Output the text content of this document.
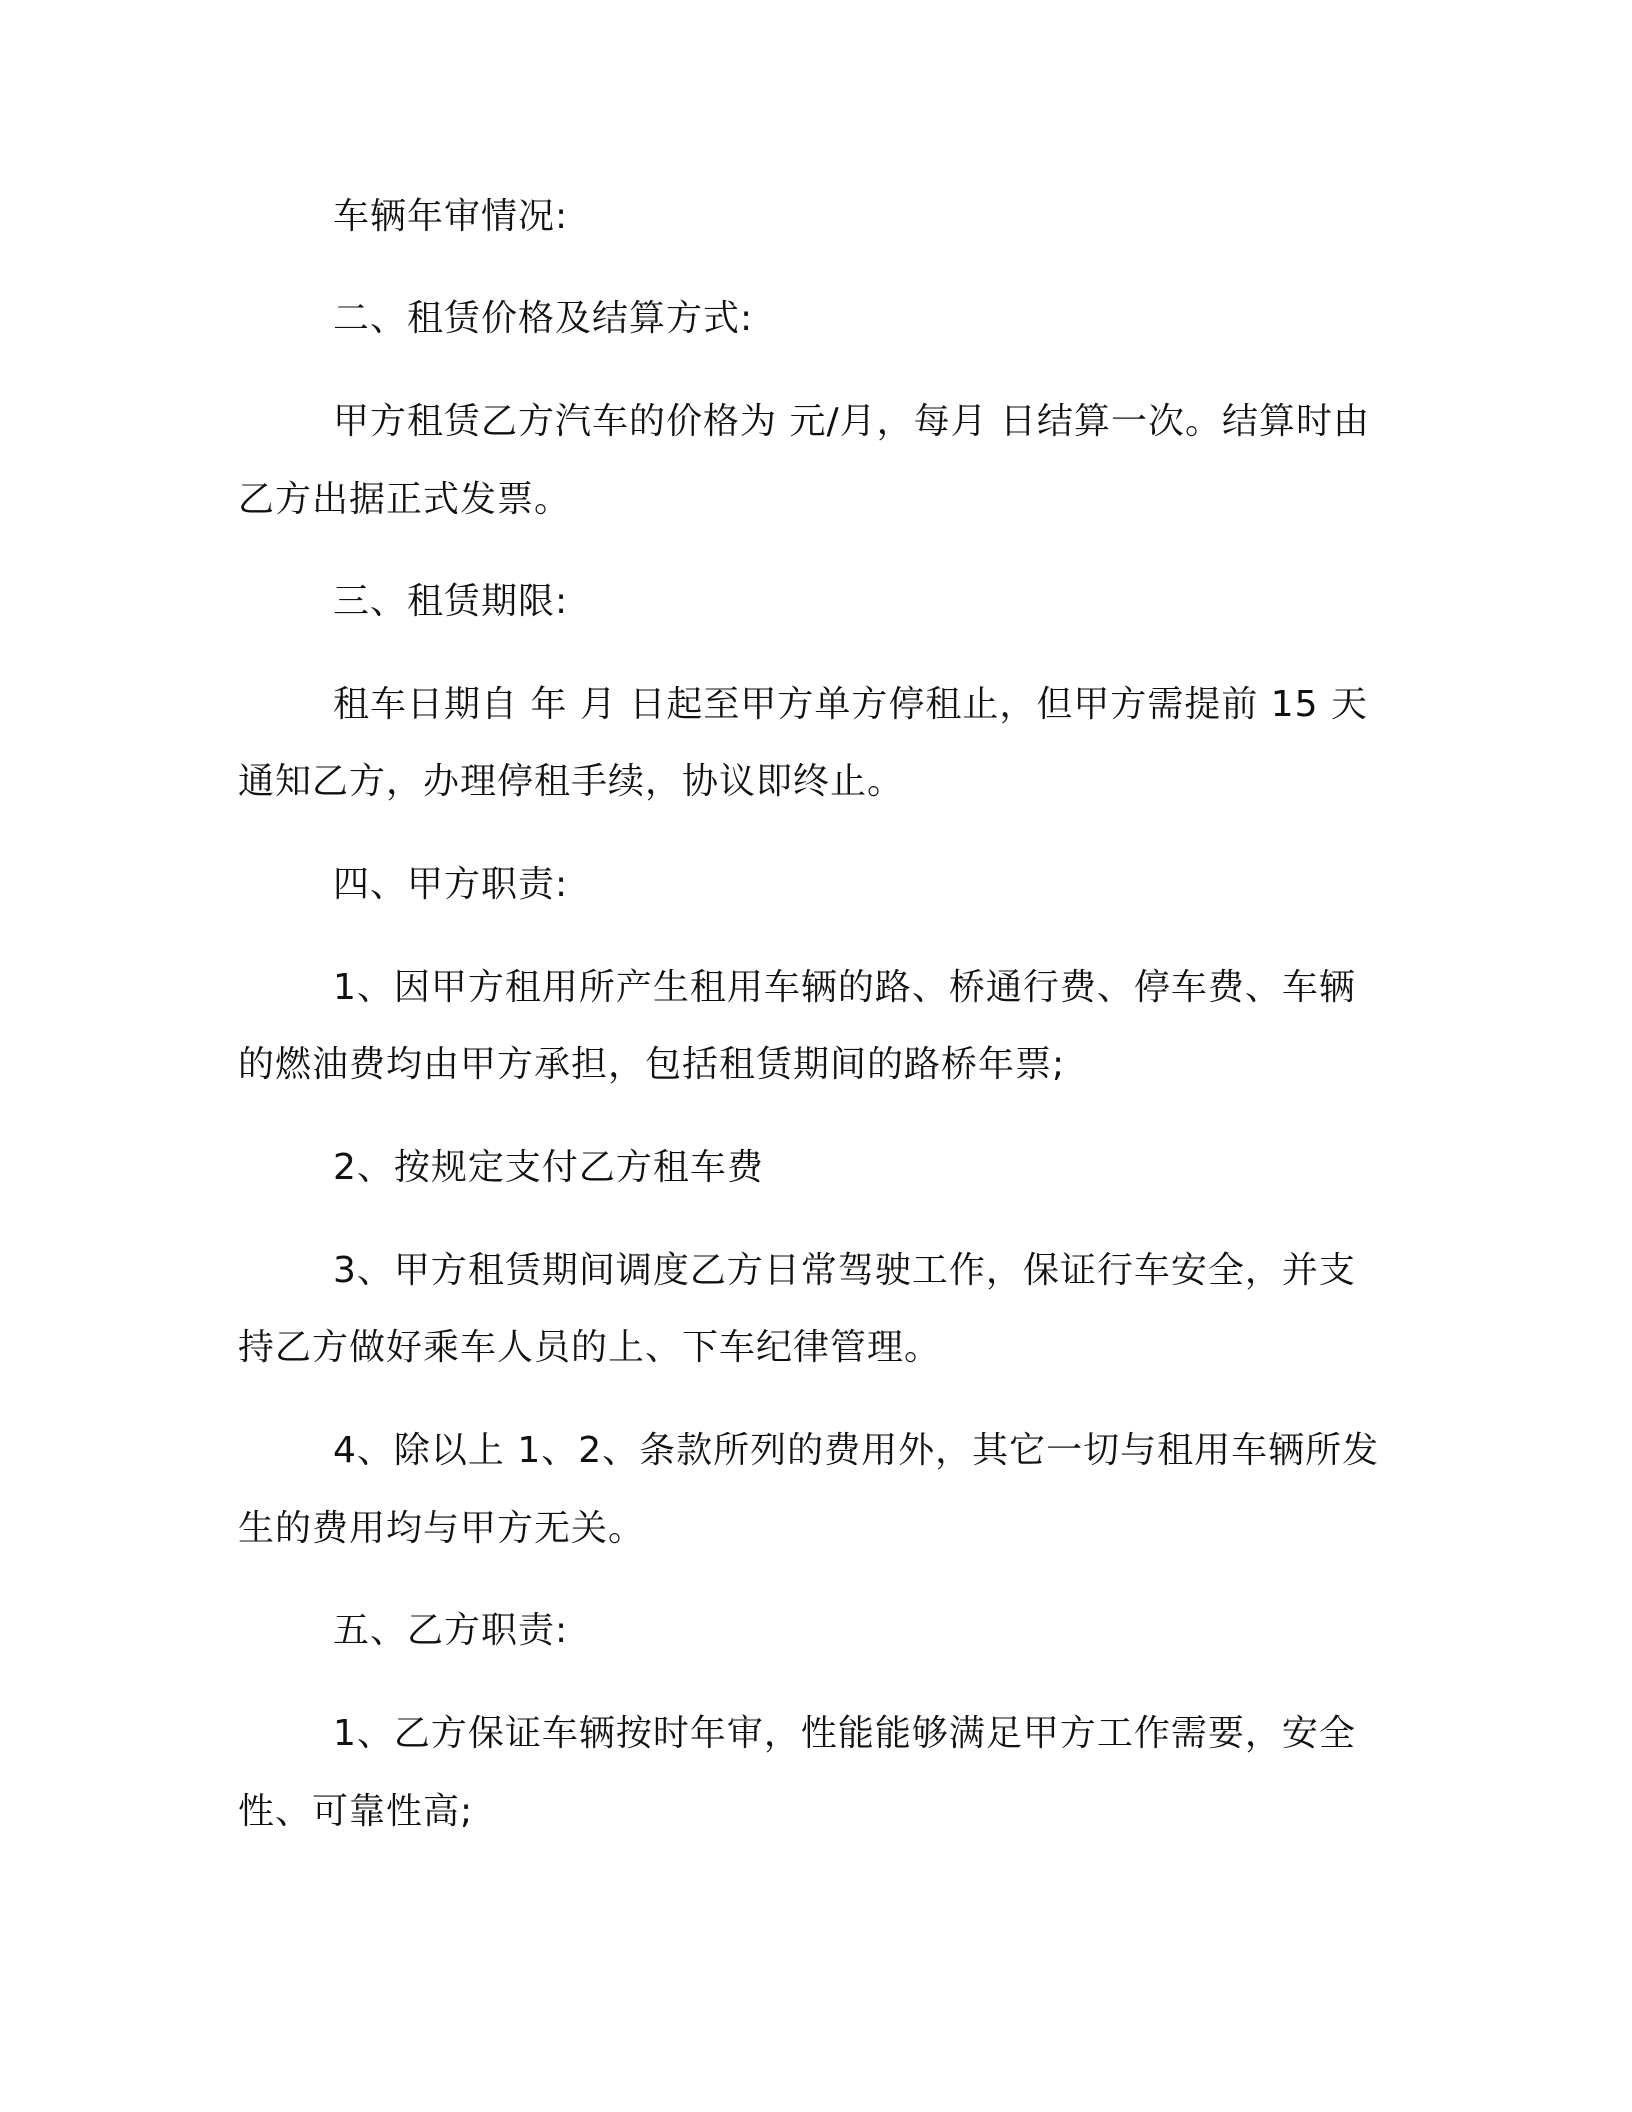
车辆年审情况:

二、租赁价格及结算方式:

甲方租赁乙方汽车的价格为 元/月，每月 日结算一次。结算时由

乙方出据正式发票。

三、租赁期限:

租车日期自 年 月 日起至甲方单方停租止，但甲方需提前 15 天

通知乙方，办理停租手续，协议即终止。

四、甲方职责:

1、因甲方租用所产生租用车辆的路、桥通行费、停车费、车辆

的燃油费均由甲方承担，包括租赁期间的路桥年票;

2、按规定支付乙方租车费

3、甲方租赁期间调度乙方日常驾驶工作，保证行车安全，并支

持乙方做好乘车人员的上、下车纪律管理。

4、除以上 1、2、条款所列的费用外，其它一切与租用车辆所发

生的费用均与甲方无关。

五、乙方职责:

1、乙方保证车辆按时年审，性能能够满足甲方工作需要，安全

性、可靠性高;
